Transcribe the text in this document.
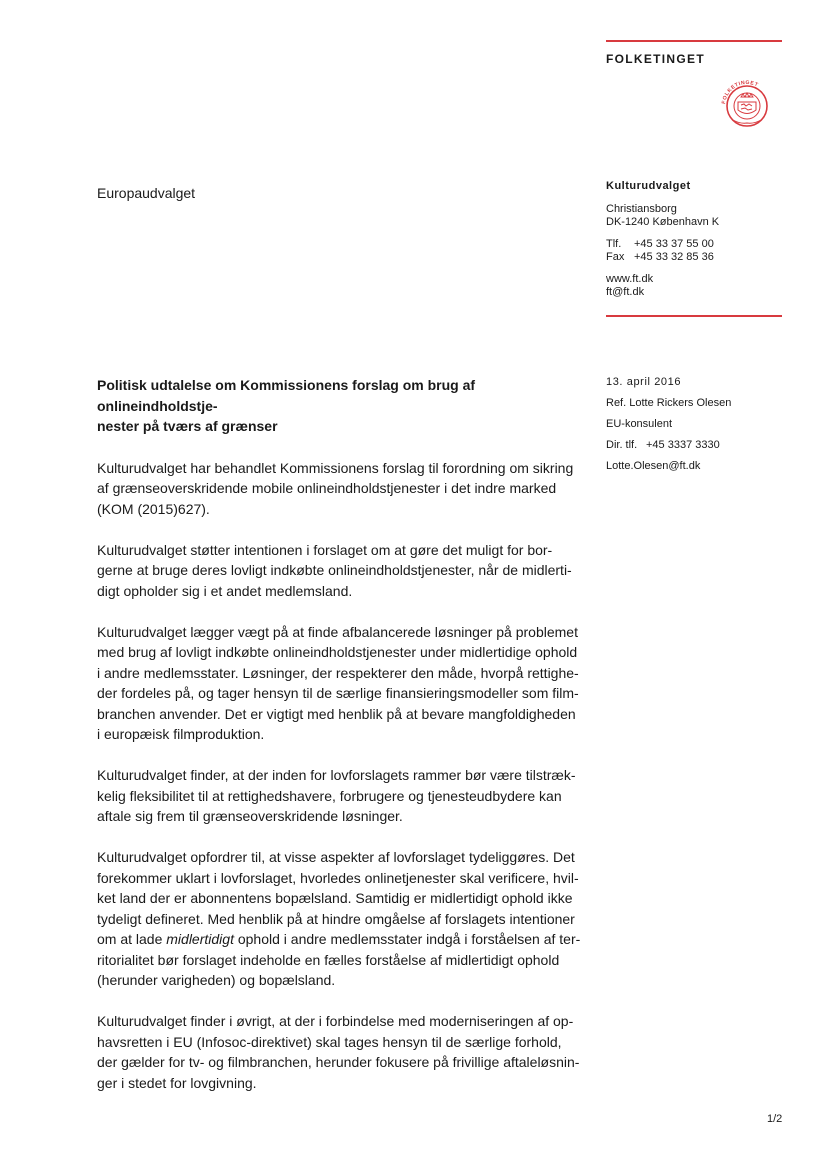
FOLKETINGET
FOLKETINGET
Europaudvalget	Kulturudvalget
Christiansborg
DK-1240 København K
Tlf. +45 33 37 55 00
Fax +45 33 32 85 36
www.ft.dk
ft@ft.dk
13. april 2016
Ref. Lotte Rickers Olesen
EU-konsulent
Dir. tlf. +45 3337 3330
Lotte.Olesen@ft.dk
Politisk udtalelse om Kommissionens forslag om brug af onlineindholdstje-
nester på tværs af grænser

Kulturudvalget har behandlet Kommissionens forslag til forordning om sikring
af grænseoverskridende mobile onlineindholdstjenester i det indre marked
(KOM (2015)627).

Kulturudvalget støtter intentionen i forslaget om at gøre det muligt for bor-
gerne at bruge deres lovligt indkøbte onlineindholdstjenester, når de midlerti-
digt opholder sig i et andet medlemsland.

Kulturudvalget lægger vægt på at finde afbalancerede løsninger på problemet
med brug af lovligt indkøbte onlineindholdstjenester under midlertidige ophold
i andre medlemsstater. Løsninger, der respekterer den måde, hvorpå rettighe-
der fordeles på, og tager hensyn til de særlige finansieringsmodeller som film-
branchen anvender. Det er vigtigt med henblik på at bevare mangfoldigheden
i europæisk filmproduktion.

Kulturudvalget finder, at der inden for lovforslagets rammer bør være tilstræk-
kelig fleksibilitet til at rettighedshavere, forbrugere og tjenesteudbydere kan
aftale sig frem til grænseoverskridende løsninger.

Kulturudvalget opfordrer til, at visse aspekter af lovforslaget tydeliggøres. Det
forekommer uklart i lovforslaget, hvorledes onlinetjenester skal verificere, hvil-
ket land der er abonnentens bopælsland. Samtidig er midlertidigt ophold ikke
tydeligt defineret. Med henblik på at hindre omgåelse af forslagets intentioner
om at lade midlertidigt ophold i andre medlemsstater indgå i forståelsen af ter-
ritorialitet bør forslaget indeholde en fælles forståelse af midlertidigt ophold
(herunder varigheden) og bopælsland.

Kulturudvalget finder i øvrigt, at der i forbindelse med moderniseringen af op-
havsretten i EU (Infosoc-direktivet) skal tages hensyn til de særlige forhold,
der gælder for tv- og filmbranchen, herunder fokusere på frivillige aftaleløsnin-
ger i stedet for lovgivning.

1/2
